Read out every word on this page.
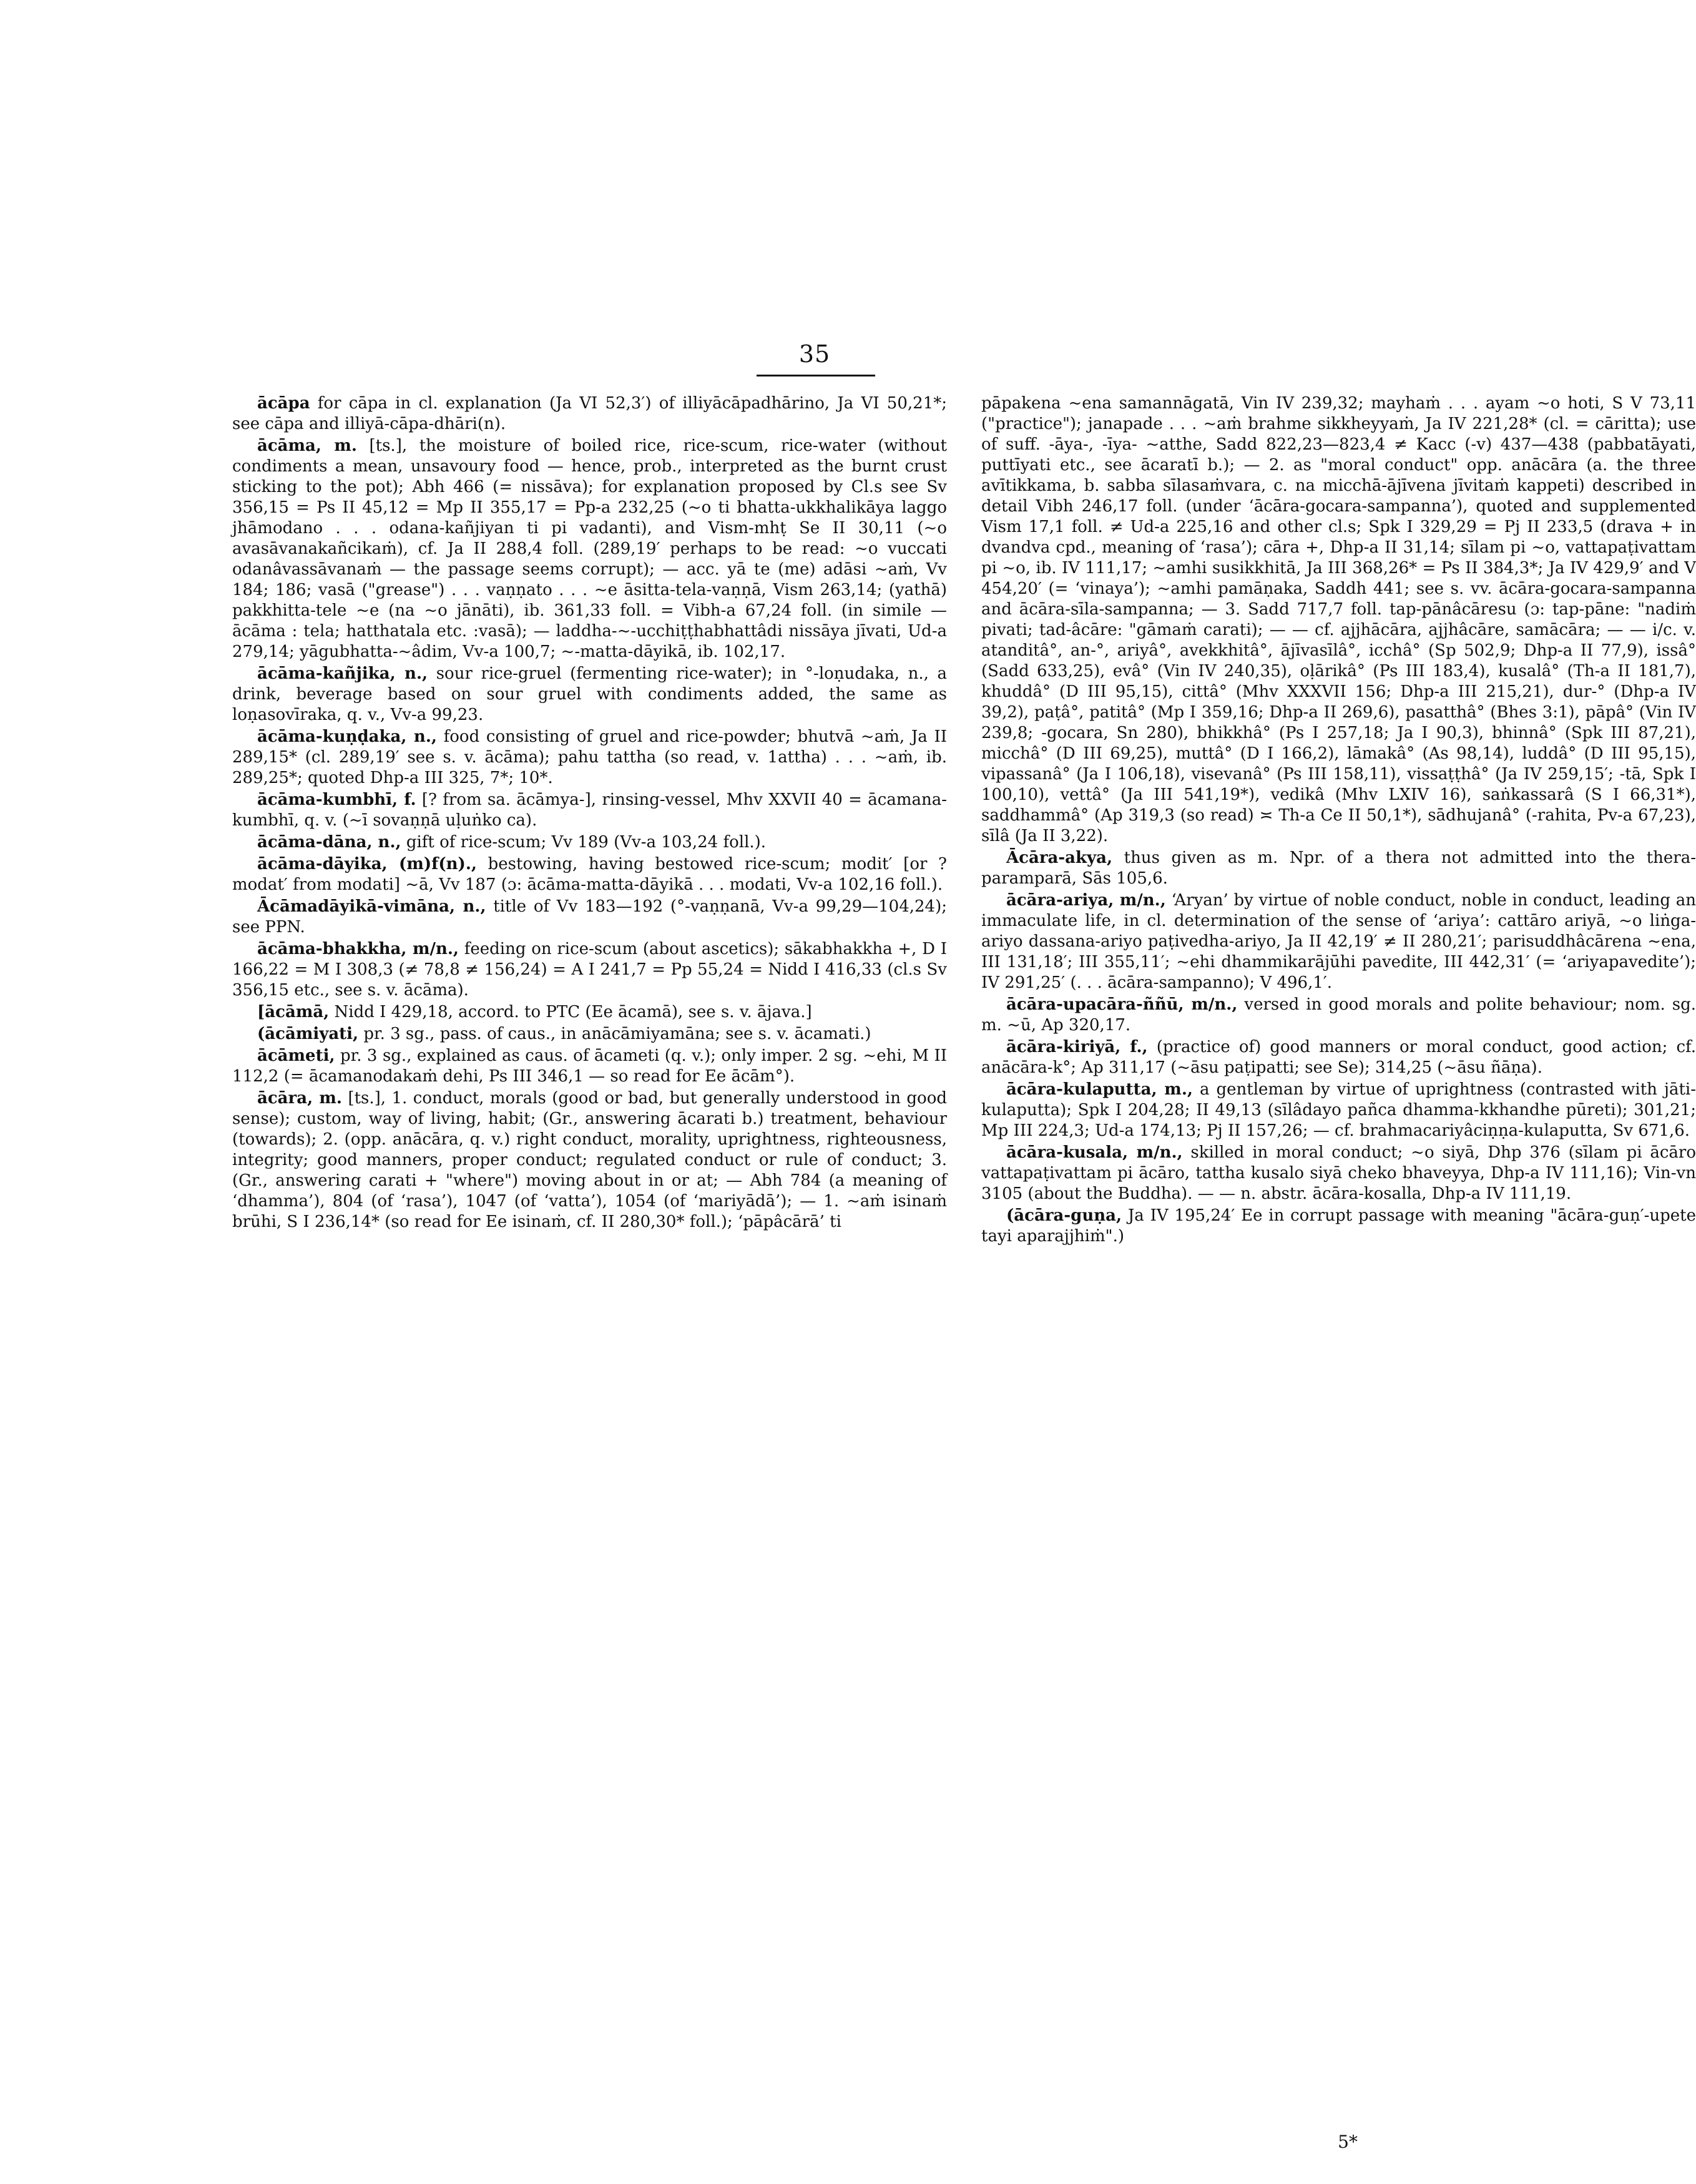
35

ācāpa for cāpa in cl. explanation (Ja VI 52,3′) of illiyācāpadhārino, Ja VI 50,21*; see cāpa and illiyā-cāpa-dhāri(n).

ācāma, m. [ts.], the moisture of boiled rice, rice-scum, rice-water (without condiments a mean, unsavoury food — hence, prob., interpreted as the burnt crust sticking to the pot); Abh 466 (= nissāva); for explanation proposed by Cl.s see Sv 356,15 = Ps II 45,12 = Mp II 355,17 = Pp-a 232,25 (~o ti bhatta-ukkhalikāya laggo jhāmodano . . . odana-kañjiyan ti pi vadanti), and Vism-mhṭ Se II 30,11 (~o avasāvanakañcikaṁ), cf. Ja II 288,4 foll. (289,19′ perhaps to be read: ~o vuccati odanâvassāvanaṁ — the passage seems corrupt); — acc. yā te (me) adāsi ~aṁ, Vv 184; 186; vasā ("grease") . . . vaṇṇato . . . ~e āsitta-tela-vaṇṇā, Vism 263,14; (yathā) pakkhitta-tele ~e (na ~o jānāti), ib. 361,33 foll. = Vibh-a 67,24 foll. (in simile — ācāma : tela; hatthatala etc. :vasā); — laddha-~-ucchiṭṭhabhattâdi nissāya jīvati, Ud-a 279,14; yāgubhatta-~âdim, Vv-a 100,7; ~-matta-dāyikā, ib. 102,17.

ācāma-kañjika, n., sour rice-gruel (fermenting rice-water); in °-loṇudaka, n., a drink, beverage based on sour gruel with condiments added, the same as loṇasovīraka, q. v., Vv-a 99,23.

ācāma-kuṇḍaka, n., food consisting of gruel and rice-powder; bhutvā ~aṁ, Ja II 289,15* (cl. 289,19′ see s. v. ācāma); pahu tattha (so read, v. 1attha) . . . ~aṁ, ib. 289,25*; quoted Dhp-a III 325, 7*; 10*.

ācāma-kumbhī, f. [? from sa. ācāmya-], rinsing-vessel, Mhv XXVII 40 = ācamana-kumbhī, q. v. (~ī sovaṇṇā uḷuṅko ca).

ācāma-dāna, n., gift of rice-scum; Vv 189 (Vv-a 103,24 foll.).

ācāma-dāyika, (m)f(n)., bestowing, having bestowed rice-scum; modit′ [or ? modat′ from modati] ~ā, Vv 187 (ɔ: ācāma-matta-dāyikā . . . modati, Vv-a 102,16 foll.).

Ācāmadāyikā-vimāna, n., title of Vv 183—192 (°-vaṇṇanā, Vv-a 99,29—104,24); see PPN.

ācāma-bhakkha, m/n., feeding on rice-scum (about ascetics); sākabhakkha +, D I 166,22 = M I 308,3 (≠ 78,8 ≠ 156,24) = A I 241,7 = Pp 55,24 = Nidd I 416,33 (cl.s Sv 356,15 etc., see s. v. ācāma).

[ācāmā, Nidd I 429,18, accord. to PTC (Ee ācamā), see s. v. ājava.]

(ācāmiyati, pr. 3 sg., pass. of caus., in anācāmiyamāna; see s. v. ācamati.)

ācāmeti, pr. 3 sg., explained as caus. of ācameti (q. v.); only imper. 2 sg. ~ehi, M II 112,2 (= ācamanodakaṁ dehi, Ps III 346,1 — so read for Ee ācām°).

ācāra, m. [ts.], 1. conduct, morals (good or bad, but generally understood in good sense); custom, way of living, habit; (Gr., answering ācarati b.) treatment, behaviour (towards); 2. (opp. anācāra, q. v.) right conduct, morality, uprightness, righteousness, integrity; good manners, proper conduct; regulated conduct or rule of conduct; 3. (Gr., answering carati + "where") moving about in or at; — Abh 784 (a meaning of ‘dhamma’), 804 (of ‘rasa’), 1047 (of ‘vatta’), 1054 (of ‘mariyādā’); — 1. ~aṁ isinaṁ brūhi, S I 236,14* (so read for Ee isinaṁ, cf. II 280,30* foll.); ‘pāpâcārā’ ti

pāpakena ~ena samannāgatā, Vin IV 239,32; mayhaṁ . . . ayam ~o hoti, S V 73,11 ("practice"); janapade . . . ~aṁ brahme sikkheyyaṁ, Ja IV 221,28* (cl. = cāritta); use of suff. -āya-, -īya- ~atthe, Sadd 822,23—823,4 ≠ Kacc (-v) 437—438 (pabbatāyati, puttīyati etc., see ācaratī b.); — 2. as "moral conduct" opp. anācāra (a. the three avītikkama, b. sabba sīlasaṁvara, c. na micchā-ājīvena jīvitaṁ kappeti) described in detail Vibh 246,17 foll. (under ‘ācāra-gocara-sampanna’), quoted and supplemented Vism 17,1 foll. ≠ Ud-a 225,16 and other cl.s; Spk I 329,29 = Pj II 233,5 (drava + in dvandva cpd., meaning of ‘rasa’); cāra +, Dhp-a II 31,14; sīlam pi ~o, vattapaṭivattam pi ~o, ib. IV 111,17; ~amhi susikkhitā, Ja III 368,26* = Ps II 384,3*; Ja IV 429,9′ and V 454,20′ (= ‘vinaya’); ~amhi pamāṇaka, Saddh 441; see s. vv. ācāra-gocara-sampanna and ācāra-sīla-sampanna; — 3. Sadd 717,7 foll. tap-pānâcāresu (ɔ: tap-pāne: "nadiṁ pivati; tad-âcāre: "gāmaṁ carati); — — cf. ajjhācāra, ajjhâcāre, samācāra; — — i/c. v. atanditâ°, an-°, ariyâ°, avekkhitâ°, ājīvasīlâ°, icchâ° (Sp 502,9; Dhp-a II 77,9), issâ° (Sadd 633,25), evâ° (Vin IV 240,35), oḷārikâ° (Ps III 183,4), kusalâ° (Th-a II 181,7), khuddâ° (D III 95,15), cittâ° (Mhv XXXVII 156; Dhp-a III 215,21), dur-° (Dhp-a IV 39,2), paṭâ°, patitâ° (Mp I 359,16; Dhp-a II 269,6), pasatthâ° (Bhes 3:1), pāpâ° (Vin IV 239,8; -gocara, Sn 280), bhikkhâ° (Ps I 257,18; Ja I 90,3), bhinnâ° (Spk III 87,21), micchâ° (D III 69,25), muttâ° (D I 166,2), lāmakâ° (As 98,14), luddâ° (D III 95,15), vipassanâ° (Ja I 106,18), visevanâ° (Ps III 158,11), vissaṭṭhâ° (Ja IV 259,15′; -tā, Spk I 100,10), vettâ° (Ja III 541,19*), vedikâ (Mhv LXIV 16), saṅkassarâ (S I 66,31*), saddhammâ° (Ap 319,3 (so read) ≍ Th-a Ce II 50,1*), sādhujanâ° (-rahita, Pv-a 67,23), sīlâ (Ja II 3,22).

Ācāra-akya, thus given as m. Npr. of a thera not admitted into the thera-paramparā, Sās 105,6.

ācāra-ariya, m/n., ‘Aryan’ by virtue of noble conduct, noble in conduct, leading an immaculate life, in cl. determination of the sense of ‘ariya’: cattāro ariyā, ~o liṅga-ariyo dassana-ariyo paṭivedha-ariyo, Ja II 42,19′ ≠ II 280,21′; parisuddhâcārena ~ena, III 131,18′; III 355,11′; ~ehi dhammikarājūhi pavedite, III 442,31′ (= ‘ariyapavedite’); IV 291,25′ (. . . ācāra-sampanno); V 496,1′.

ācāra-upacāra-ññū, m/n., versed in good morals and polite behaviour; nom. sg. m. ~ū, Ap 320,17.

ācāra-kiriyā, f., (practice of) good manners or moral conduct, good action; cf. anācāra-k°; Ap 311,17 (~āsu paṭipatti; see Se); 314,25 (~āsu ñāṇa).

ācāra-kulaputta, m., a gentleman by virtue of uprightness (contrasted with jāti-kulaputta); Spk I 204,28; II 49,13 (sīlâdayo pañca dhamma-kkhandhe pūreti); 301,21; Mp III 224,3; Ud-a 174,13; Pj II 157,26; — cf. brahmacariyâciṇṇa-kulaputta, Sv 671,6.

ācāra-kusala, m/n., skilled in moral conduct; ~o siyā, Dhp 376 (sīlam pi ācāro vattapaṭivattam pi ācāro, tattha kusalo siyā cheko bhaveyya, Dhp-a IV 111,16); Vin-vn 3105 (about the Buddha). — — n. abstr. ācāra-kosalla, Dhp-a IV 111,19.

(ācāra-guṇa, Ja IV 195,24′ Ee in corrupt passage with meaning "ācāra-guṇ′-upete tayi aparajjhiṁ".)

5*
